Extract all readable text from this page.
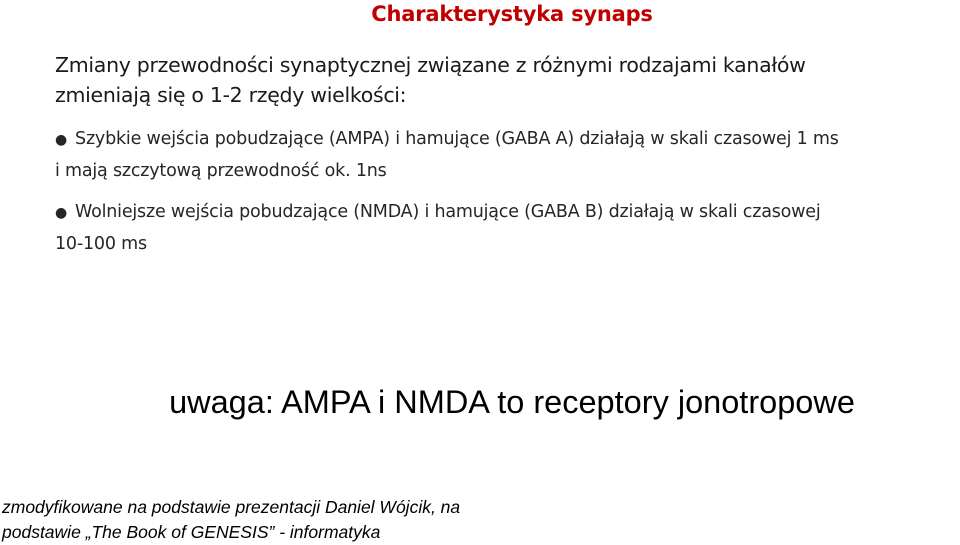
Charakterystyka synaps
Zmiany przewodności synaptycznej związane z różnymi rodzajami kanałów
zmieniają się o 1-2 rzędy wielkości:
● Szybkie wejścia pobudzające (AMPA) i hamujące (GABA A) działają w skali czasowej 1 ms
i mają szczytową przewodność ok. 1ns
● Wolniejsze wejścia pobudzające (NMDA) i hamujące (GABA B) działają w skali czasowej
10-100 ms
uwaga: AMPA i NMDA to receptory jonotropowe
zmodyfikowane na podstawie prezentacji Daniel Wójcik, na
podstawie „The Book of GENESIS” - informatyka
